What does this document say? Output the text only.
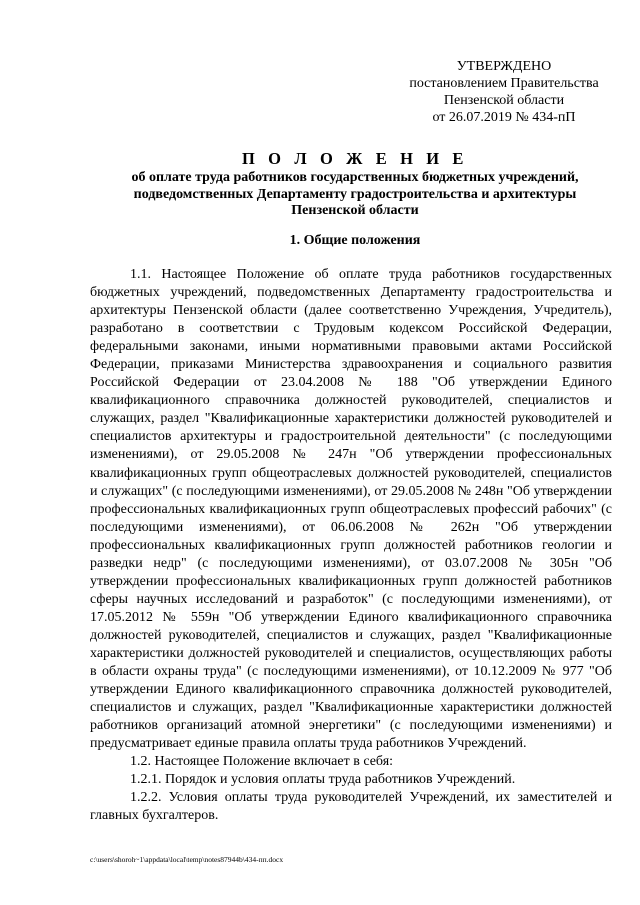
УТВЕРЖДЕНО
постановлением Правительства
Пензенской области
от 26.07.2019 № 434-пП
П О Л О Ж Е Н И Е
об оплате труда работников государственных бюджетных учреждений,
подведомственных Департаменту градостроительства и архитектуры
Пензенской области
1. Общие положения

1.1. Настоящее Положение об оплате труда работников государственных бюджетных учреждений, подведомственных Департаменту градостроительства и архитектуры Пензенской области (далее соответственно Учреждения, Учредитель), разработано в соответствии с Трудовым кодексом Российской Федерации, федеральными законами, иными нормативными правовыми актами Российской Федерации, приказами Министерства здравоохранения и социального развития Российской Федерации от 23.04.2008 № 188 "Об утверждении Единого квалификационного справочника должностей руководителей, специалистов и служащих, раздел "Квалификационные характеристики должностей руководителей и специалистов архитектуры и градостроительной деятельности" (с последующими изменениями), от 29.05.2008 № 247н "Об утверждении профессиональных квалификационных групп общеотраслевых должностей руководителей, специалистов и служащих" (с последующими изменениями), от 29.05.2008 № 248н "Об утверждении профессиональных квалификационных групп общеотраслевых профессий рабочих" (с последующими изменениями), от 06.06.2008 № 262н "Об утверждении профессиональных квалификационных групп должностей работников геологии и разведки недр" (с последующими изменениями), от 03.07.2008 № 305н "Об утверждении профессиональных квалификационных групп должностей работников сферы научных исследований и разработок" (с последующими изменениями), от 17.05.2012 № 559н "Об утверждении Единого квалификационного справочника должностей руководителей, специалистов и служащих, раздел "Квалификационные характеристики должностей руководителей и специалистов, осуществляющих работы в области охраны труда" (с последующими изменениями), от 10.12.2009 № 977 "Об утверждении Единого квалификационного справочника должностей руководителей, специалистов и служащих, раздел "Квалификационные характеристики должностей работников организаций атомной энергетики" (с последующими изменениями) и предусматривает единые правила оплаты труда работников Учреждений.

1.2. Настоящее Положение включает в себя:

1.2.1. Порядок и условия оплаты труда работников Учреждений.

1.2.2. Условия оплаты труда руководителей Учреждений, их заместителей и главных бухгалтеров.

c:\users\shoroh~1\appdata\local\temp\notes87944b\434-пп.docx
